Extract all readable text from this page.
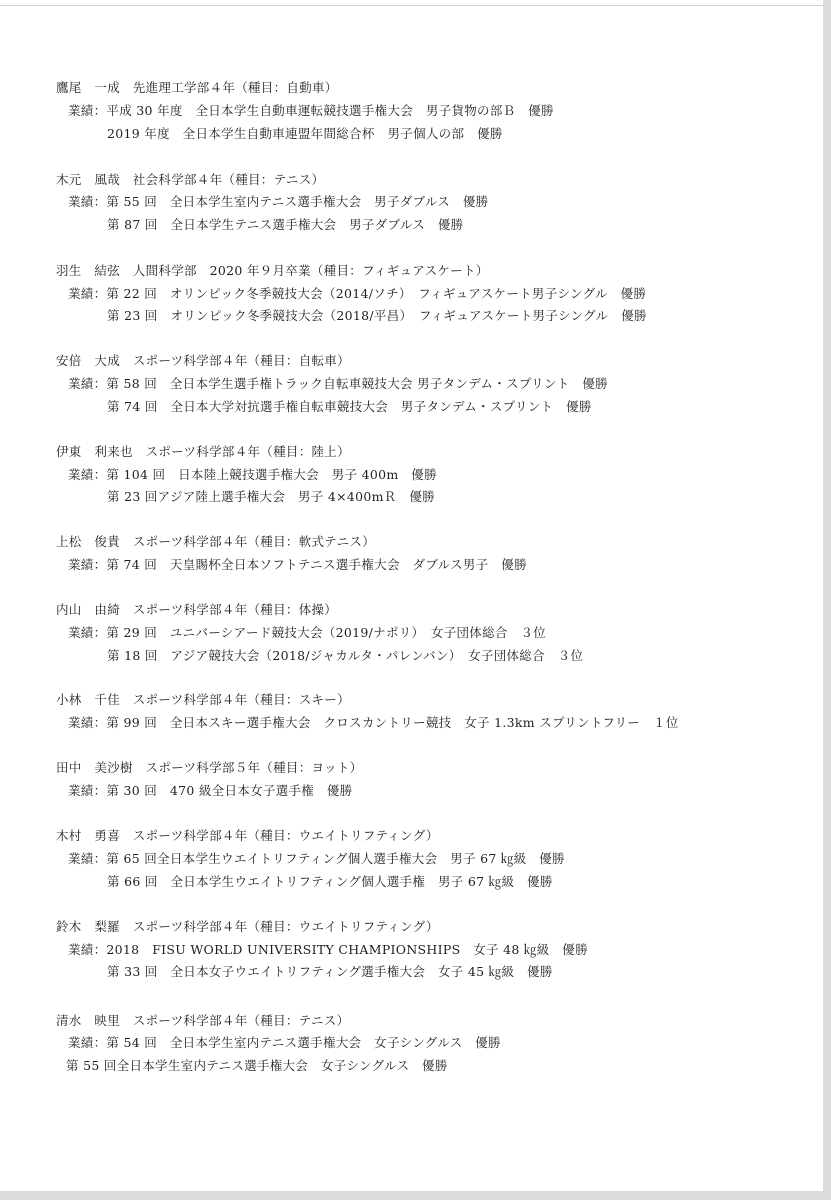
鷹尾　一成　先進理工学部４年（種目：自動車）
業績：平成 30 年度　全日本学生自動車運転競技選手権大会　男子貨物の部Ｂ　優勝
2019 年度　全日本学生自動車連盟年間総合杯　男子個人の部　優勝
木元　風哉　社会科学部４年（種目：テニス）
業績：第 55 回　全日本学生室内テニス選手権大会　男子ダブルス　優勝
第 87 回　全日本学生テニス選手権大会　男子ダブルス　優勝
羽生　結弦　人間科学部　2020 年９月卒業（種目：フィギュアスケート）
業績：第 22 回　オリンピック冬季競技大会（2014/ソチ）　フィギュアスケート男子シングル　優勝
第 23 回　オリンピック冬季競技大会（2018/平昌）　フィギュアスケート男子シングル　優勝
安倍　大成　スポーツ科学部４年（種目：自転車）
業績：第 58 回　全日本学生選手権トラック自転車競技大会 男子タンデム・スプリント　優勝
第 74 回　全日本大学対抗選手権自転車競技大会　男子タンデム・スプリント　優勝
伊東　利来也　スポーツ科学部４年（種目：陸上）
業績：第 104 回　日本陸上競技選手権大会　男子 400m　優勝
第 23 回アジア陸上選手権大会　男子 4×400mＲ　優勝
上松　俊貴　スポーツ科学部４年（種目：軟式テニス）
業績：第 74 回　天皇賜杯全日本ソフトテニス選手権大会　ダブルス男子　優勝
内山　由綺　スポーツ科学部４年（種目：体操）
業績：第 29 回　ユニバーシアード競技大会（2019/ナポリ）　女子団体総合　３位
第 18 回　アジア競技大会（2018/ジャカルタ・パレンバン）　女子団体総合　３位
小林　千佳　スポーツ科学部４年（種目：スキー）
業績：第 99 回　全日本スキー選手権大会　クロスカントリー競技　女子 1.3km スプリントフリー　１位
田中　美沙樹　スポーツ科学部５年（種目：ヨット）
業績：第 30 回　470 級全日本女子選手権　優勝
木村　勇喜　スポーツ科学部４年（種目：ウエイトリフティング）
業績：第 65 回全日本学生ウエイトリフティング個人選手権大会　男子 67 ㎏級　優勝
第 66 回　全日本学生ウエイトリフティング個人選手権　男子 67 ㎏級　優勝
鈴木　梨羅　スポーツ科学部４年（種目：ウエイトリフティング）
業績：2018　FISU WORLD UNIVERSITY CHAMPIONSHIPS　女子 48 ㎏級　優勝
第 33 回　全日本女子ウエイトリフティング選手権大会　女子 45 ㎏級　優勝
清水　映里　スポーツ科学部４年（種目：テニス）
業績：第 54 回　全日本学生室内テニス選手権大会　女子シングルス　優勝
第 55 回全日本学生室内テニス選手権大会　女子シングルス　優勝
